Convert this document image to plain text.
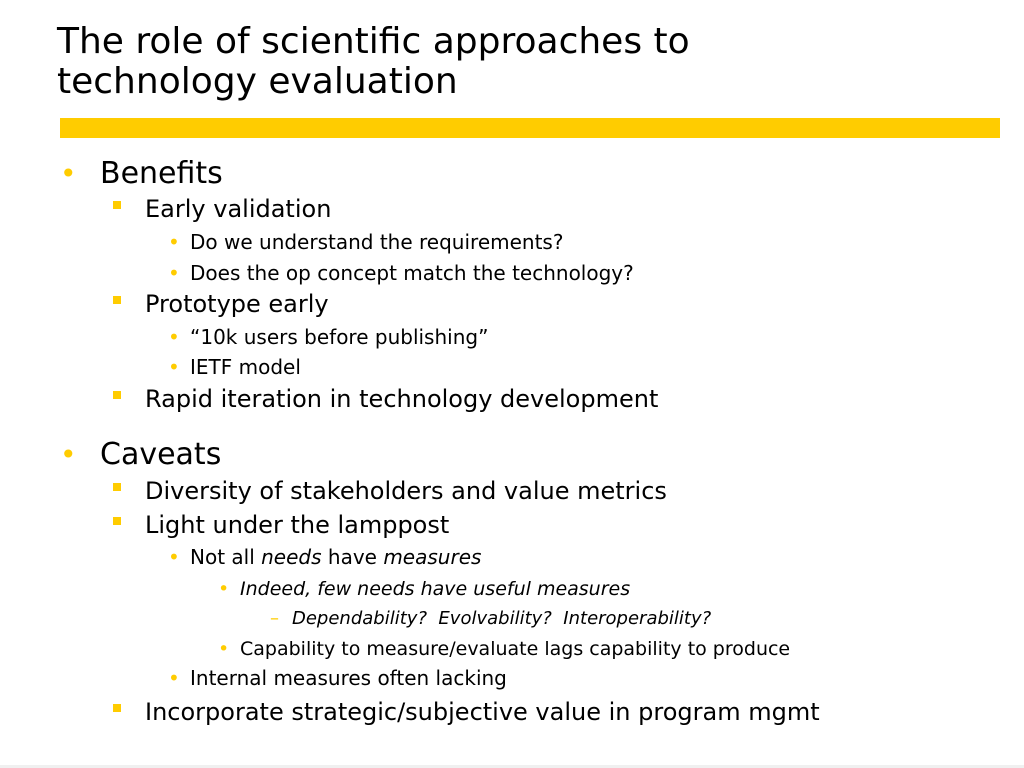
The role of scientific approaches to
technology evaluation
• Benefits
Early validation
• Do we understand the requirements?
• Does the op concept match the technology?
Prototype early
• “10k users before publishing”
• IETF model
Rapid iteration in technology development
• Caveats
Diversity of stakeholders and value metrics
Light under the lamppost
• Not all needs have measures
• Indeed, few needs have useful measures
– Dependability?  Evolvability?  Interoperability?
• Capability to measure/evaluate lags capability to produce
• Internal measures often lacking
Incorporate strategic/subjective value in program mgmt
